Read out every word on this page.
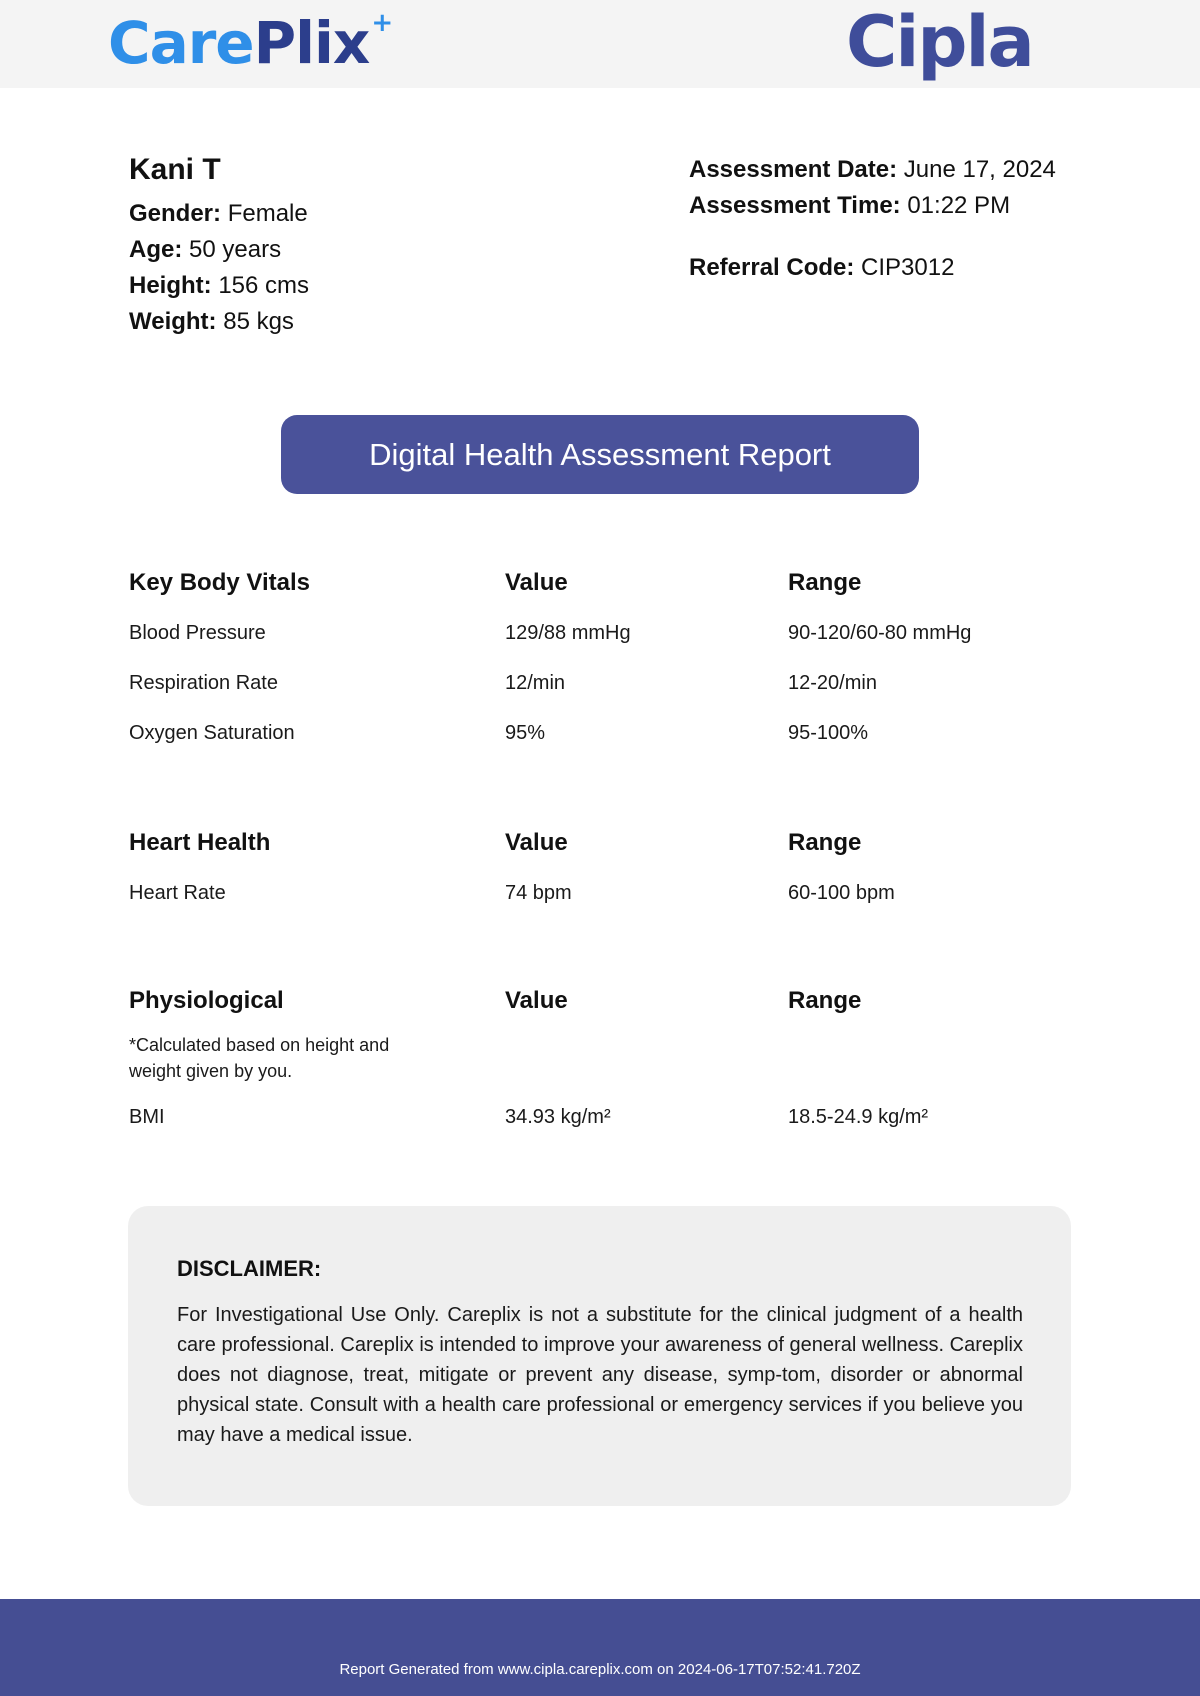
Care Plix +	Cipla
Kani T
Gender: Female
Age: 50 years
Height: 156 cms
Weight: 85 kgs
Assessment Date: June 17, 2024
Assessment Time: 01:22 PM
Referral Code: CIP3012
Digital Health Assessment Report
Key Body Vitals	Value	Range
Blood Pressure	129/88 mmHg	90-120/60-80 mmHg
Respiration Rate	12/min	12-20/min
Oxygen Saturation	95%	95-100%
Heart Health	Value	Range
Heart Rate	74 bpm	60-100 bpm
Physiological	Value	Range
*Calculated based on height and weight given by you.
BMI	34.93 kg/m²	18.5-24.9 kg/m²
DISCLAIMER:
For Investigational Use Only. Careplix is not a substitute for the clinical judgment of a health care professional. Careplix is intended to improve your awareness of general wellness. Careplix does not diagnose, treat, mitigate or prevent any disease, symp-tom, disorder or abnormal physical state. Consult with a health care professional or emergency services if you believe you may have a medical issue.
Report Generated from www.cipla.careplix.com on 2024-06-17T07:52:41.720Z
